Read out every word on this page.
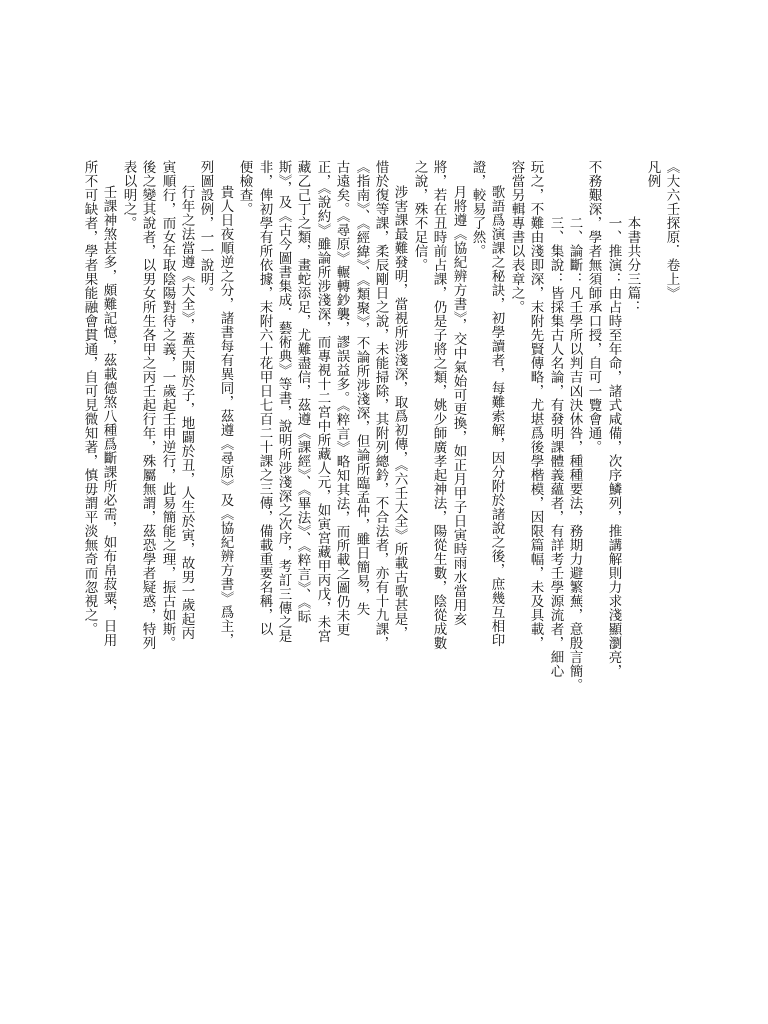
《大六壬探原．卷上》
凡例
本書共分三篇：
一、推演：由占時至年命，諸式咸備，次序鱗列，推講解則力求淺顯瀏亮，
不務艱深，學者無須師承口授，自可一覽會通。
二、論斷：凡壬學所以判吉凶決休咎，種種要法，務期力避繁蕪，意殷言簡。
三、集說：皆採集古人名論，有發明課體義蘊者，有詳考壬學源流者，細心
玩之，不難由淺即深，末附先賢傳略，尤堪爲後學楷模，因限篇幅，未及具載，
容當另輯專書以表章之。
歌語爲演課之秘訣，初學讀者，每難索解，因分附於諸說之後，庶幾互相印
證，較易了然。
月將遵《協紀辨方書》，交中氣始可更換，如正月甲子日寅時雨水當用亥
將，若在丑時前占課，仍是子將之類，姚少師廣孝起神法，陽從生數，陰從成數
之說，殊不足信。
涉害課最難發明，當視所涉淺深，取爲初傳，《六壬大全》所載古歌甚是，
惜於復等課，柔辰剛日之說，未能掃除，其附列總鈐，不合法者，亦有十九課，
《指南》、《經緯》、《類聚》，不論所涉淺深，但論所臨孟仲，雖日簡易，失
古遠矣。《尋原》輾轉鈔襲，謬誤益多。《粹言》略知其法，而所載之圖仍未更
正，《說約》雖論所涉淺深，而專視十二宮中所藏人元，如寅宮藏甲丙戊，未宮
藏乙己丁之類，畫蛇添足，尤難盡信，茲遵《課經》、《畢法》、《粹言》、《眎
斯》，及《古今圖書集成．藝術典》等書，說明所涉淺深之次序，考訂三傳之是
非，俾初學有所依據，末附六十花甲日七百二十課之三傳，備載重要名稱，以
便檢查。
貴人日夜順逆之分，諸書每有異同，茲遵《尋原》及《協紀辨方書》爲主，
列圖設例，一一說明。
行年之法當遵《大全》，蓋天開於子，地闢於丑，人生於寅，故男一歲起丙
寅順行，而女年取陰陽對待之義，一歲起壬申逆行，此易簡能之理，振古如斯。
後之變其說者，以男女所生各甲之丙壬起行年，殊屬無謂，茲恐學者疑惑，特列
表以明之。
壬課神煞甚多，頗難記憶，茲載德煞八種爲斷課所必需，如布帛菽粟，日用
所不可缺者，學者果能融會貫通，自可見微知著，慎毋謂平淡無奇而忽視之。
